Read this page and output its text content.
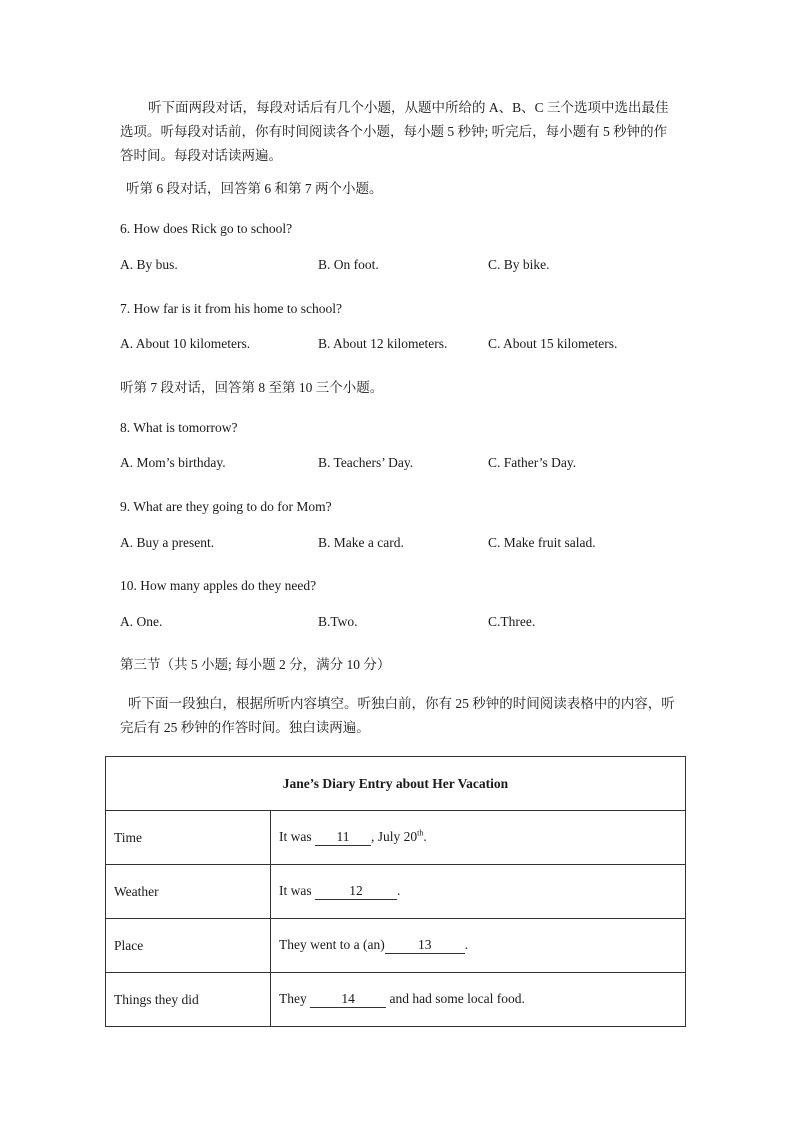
听下面两段对话，每段对话后有几个小题，从题中所给的 A、B、C 三个选项中选出最佳选项。听每段对话前，你有时间阅读各个小题，每小题 5 秒钟; 听完后，每小题有 5 秒钟的作答时间。每段对话读两遍。
听第 6 段对话，回答第 6 和第 7 两个小题。
6. How does Rick go to school?
A. By bus.	B. On foot.	C. By bike.
7. How far is it from his home to school?
A. About 10 kilometers.	B. About 12 kilometers.	C. About 15 kilometers.
听第 7 段对话，回答第 8 至第 10 三个小题。
8. What is tomorrow?
A. Mom’s birthday.	B. Teachers’ Day.	C. Father’s Day.
9. What are they going to do for Mom?
A. Buy a present.	B. Make a card.	C. Make fruit salad.
10. How many apples do they need?
A. One.	B.Two.	C.Three.
第三节（共 5 小题; 每小题 2 分，满分 10 分）
听下面一段独白，根据所听内容填空。听独白前，你有 25 秒钟的时间阅读表格中的内容，听完后有 25 秒钟的作答时间。独白读两遍。
Jane’s Diary Entry about Her Vacation	
Time	It was 11 , July 20th.
Weather	It was 12 .
Place	They went to a (an) 13 .
Things they did	They 14 and had some local food.
